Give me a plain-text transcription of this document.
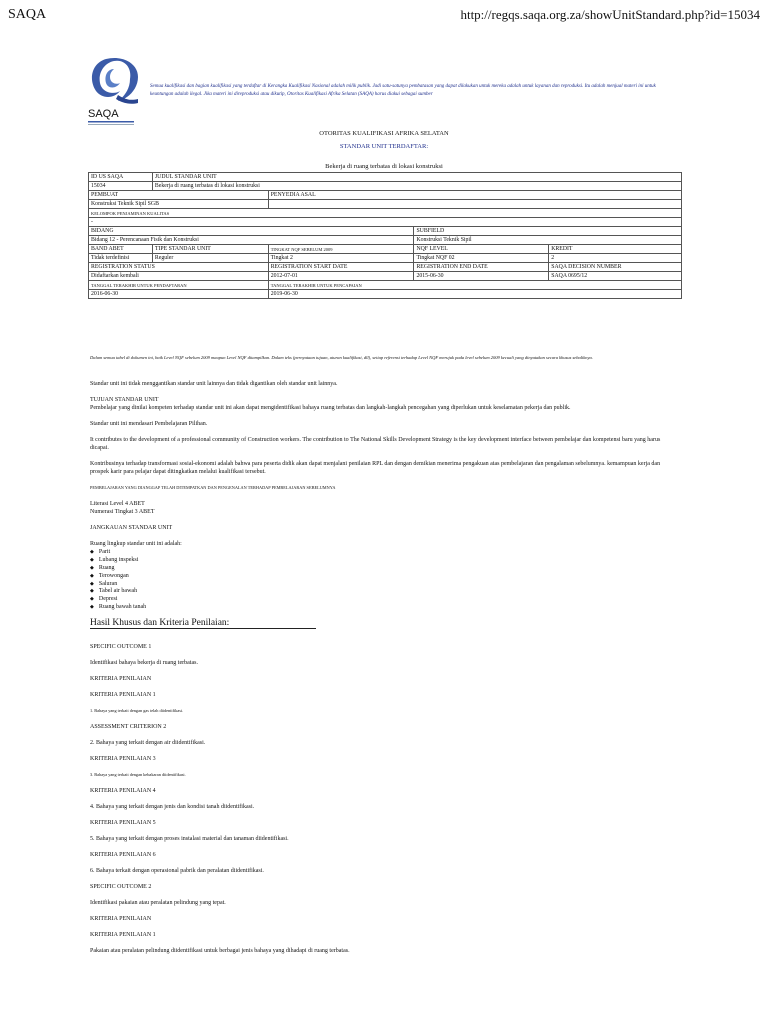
SAQA	http://regqs.saqa.org.za/showUnitStandard.php?id=15034
SAQA
Semua kualifikasi dan bagian kualifikasi yang terdaftar di Kerangka Kualifikasi Nasional adalah milik publik. Jadi satu-satunya pembatasan yang dapat dilakukan untuk mereka adalah untuk layanan dan reproduksi. Itu adalah menjual materi ini untuk keuntungan adalah ilegal. Jika materi ini direproduksi atau dikutip, Otoritas Kualifikasi Afrika Selatan (SAQA) harus diakui sebagai sumber
OTORITAS KUALIFIKASI AFRIKA SELATAN
STANDAR UNIT TERDAFTAR:
Bekerja di ruang terbatas di lokasi konstruksi
ID US SAQA	JUDUL STANDAR UNIT			
15034	Bekerja di ruang terbatas di lokasi konstruksi			
PEMBUAT		PENYEDIA ASAL		
Konstruksi Teknik Sipil SGB				
KELOMPOK PENJAMINAN KUALITAS				
-				
BIDANG			SUBFIELD	
Bidang 12 - Perencanaan Fisik dan Konstruksi			Konstruksi Teknik Sipil	
BAND ABET	TIPE STANDAR UNIT	TINGKAT NQF SEBELUM 2009	NQF LEVEL	KREDIT
Tidak terdefinisi	Reguler	Tingkat 2	Tingkat NQF 02	2
REGISTRATION STATUS		REGISTRATION START DATE	REGISTRATION END DATE	SAQA DECISION NUMBER
Didaftarkan kembali		2012-07-01	2015-06-30	SAQA 0695/12
TANGGAL TERAKHIR UNTUK PENDAFTARAN		TANGGAL TERAKHIR UNTUK PENCAPAIAN		
2016-06-30		2019-06-30		
Dalam semua tabel di dokumen ini, baik Level NQF sebelum 2009 maupun Level NQF ditampilkan. Dalam teks (pernyataan tujuan, aturan kualifikasi, dll), setiap referensi terhadap Level NQF merujuk pada level sebelum 2009 kecuali yang dinyatakan secara khusus sebaliknya.

Standar unit ini tidak menggantikan standar unit lainnya dan tidak digantikan oleh standar unit lainnya.

TUJUAN STANDAR UNIT

Pembelajar yang dinilai kompeten terhadap standar unit ini akan dapat mengidentifikasi bahaya ruang terbatas dan langkah-langkah pencegahan yang diperlukan untuk keselamatan pekerja dan publik.

Standar unit ini mendasari Pembelajaran Pilihan.

It contributes to the development of a professional community of Construction workers. The contribution to The National Skills Development Strategy is the key development interface between pembelajar dan kompetensi baru yang harus dicapai.

Kontribusinya terhadap transformasi sosial-ekonomi adalah bahwa para peserta didik akan dapat menjalani penilaian RPL dan dengan demikian menerima pengakuan atas pembelajaran dan pengalaman sebelumnya. kemampuan kerja dan prospek karir para pelajar dapat ditingkatkan melalui kualifikasi tersebut.

PEMBELAJARAN YANG DIANGGAP TELAH DITEMPATKAN DAN PENGENALAN TERHADAP PEMBELAJARAN SEBELUMNYA

Literasi Level 4 ABET

Numerasi Tingkat 3 ABET

JANGKAUAN STANDAR UNIT

Ruang lingkup standar unit ini adalah:
◆ Parit
◆ Lubang inspeksi
◆ Ruang
◆ Terowongan
◆ Saluran
◆ Tabel air bawah
◆ Depresi
◆ Ruang bawah tanah
Hasil Khusus dan Kriteria Penilaian:

SPECIFIC OUTCOME 1

Identifikasi bahaya bekerja di ruang terbatas.

KRITERIA PENILAIAN

KRITERIA PENILAIAN 1

1. Bahaya yang terkait dengan gas telah diidentifikasi.

ASSESSMENT CRITERION 2

2. Bahaya yang terkait dengan air diidentifikasi.

KRITERIA PENILAIAN 3

3. Bahaya yang terkait dengan kebakaran diidentifikasi.

KRITERIA PENILAIAN 4

4. Bahaya yang terkait dengan jenis dan kondisi tanah diidentifikasi.

KRITERIA PENILAIAN 5

5. Bahaya yang terkait dengan proses instalasi material dan tanaman diidentifikasi.

KRITERIA PENILAIAN 6

6. Bahaya terkait dengan operasional pabrik dan peralatan diidentifikasi.

SPECIFIC OUTCOME 2

Identifikasi pakaian atau peralatan pelindung yang tepat.

KRITERIA PENILAIAN

KRITERIA PENILAIAN 1

Pakaian atau peralatan pelindung diidentifikasi untuk berbagai jenis bahaya yang dihadapi di ruang terbatas.
